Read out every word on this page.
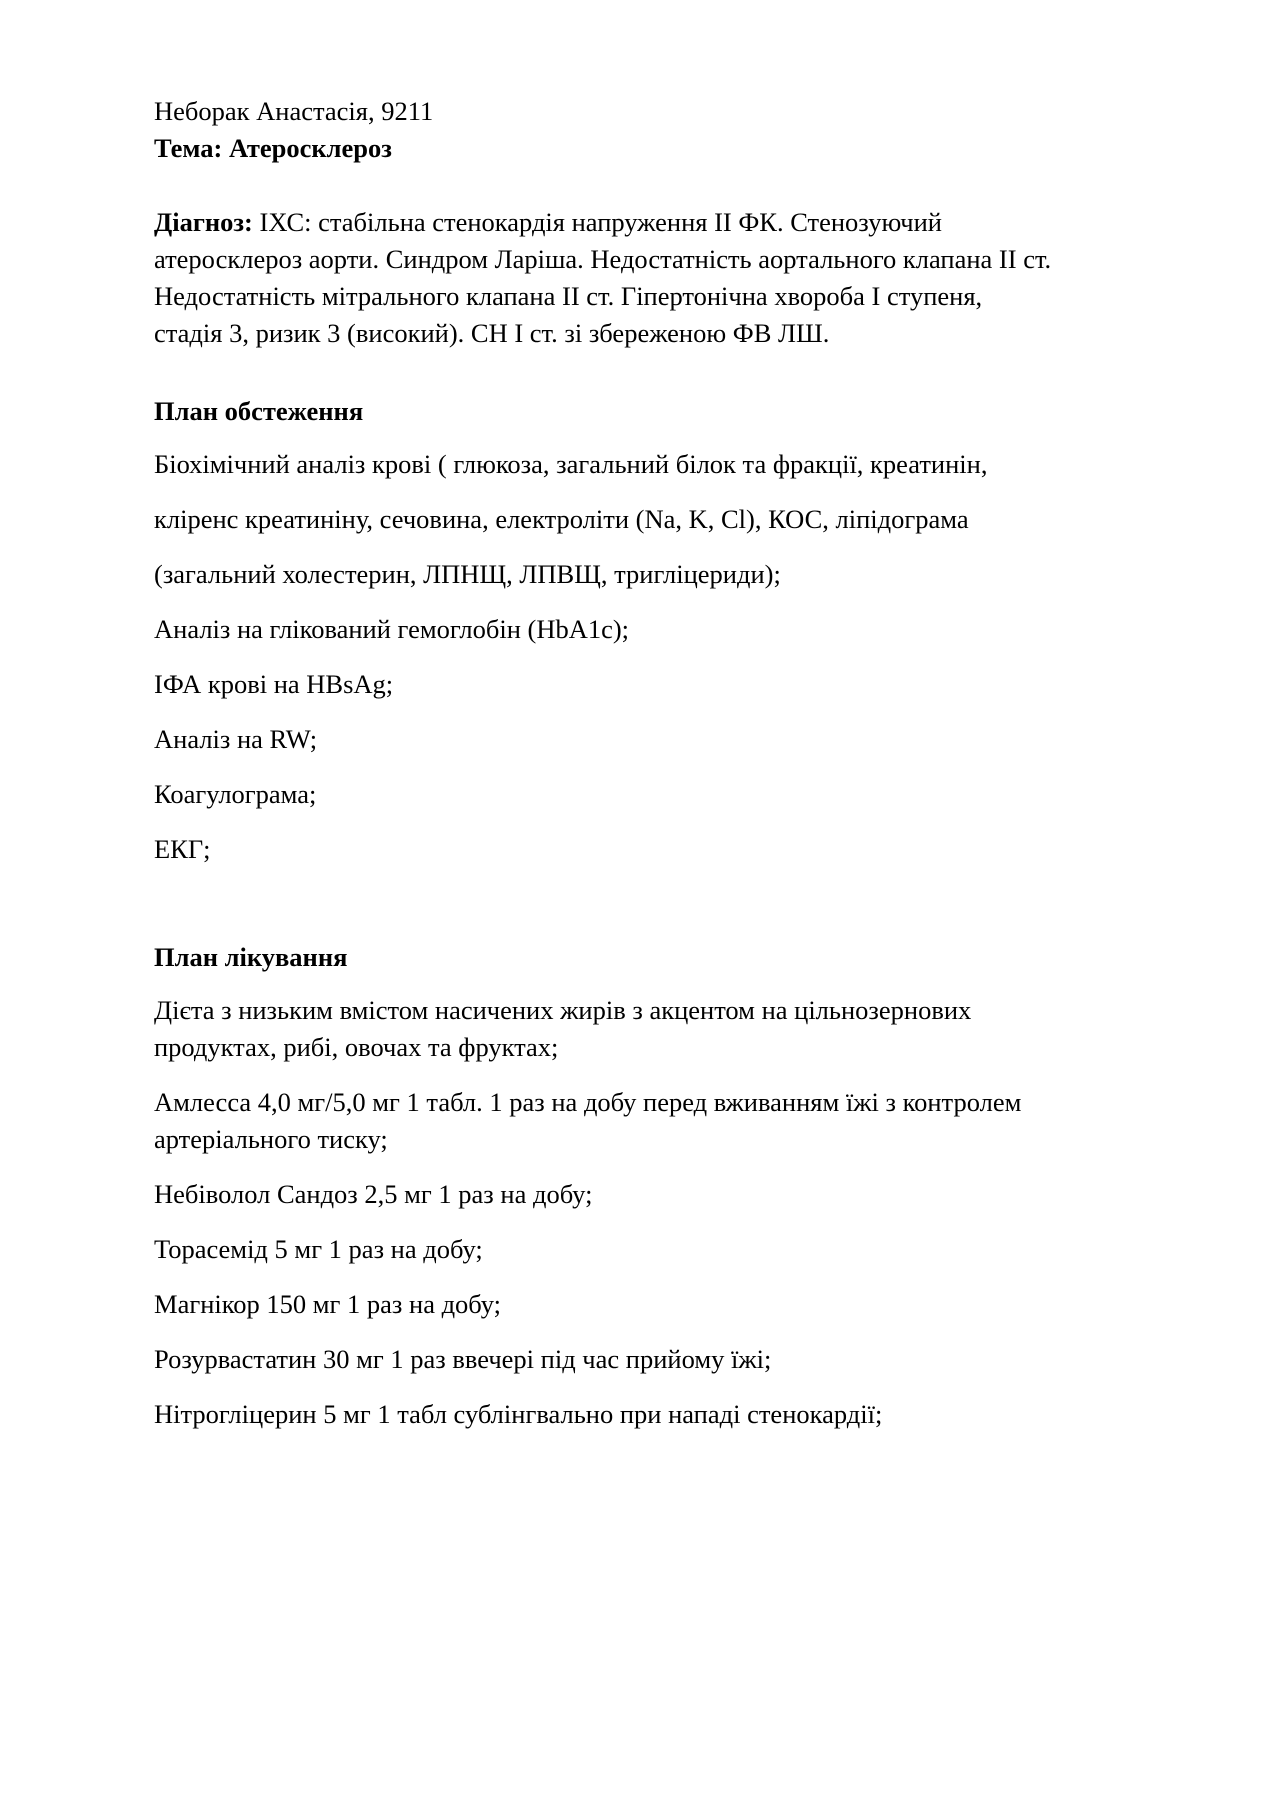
Неборак Анастасія, 9211
Тема: Атеросклероз
Діагноз: ІХС: стабільна стенокардія напруження ІІ ФК. Стенозуючий
атеросклероз аорти. Синдром Ларіша. Недостатність аортального клапана ІІ ст.
Недостатність мітрального клапана ІІ ст. Гіпертонічна хвороба І ступеня,
стадія 3, ризик 3 (високий). СН І ст. зі збереженою ФВ ЛШ.
План обстеження
Біохімічний аналіз крові ( глюкоза, загальний білок та фракції, креатинін,
кліренс креатиніну, сечовина, електроліти (Na, K, Cl), КОС, ліпідограма
(загальний холестерин, ЛПНЩ, ЛПВЩ, тригліцериди);
Аналіз на глікований гемоглобін (HbA1c);
ІФА крові на HBsAg;
Аналіз на RW;
Коагулограма;
ЕКГ;
План лікування
Дієта з низьким вмістом насичених жирів з акцентом на цільнозернових
продуктах, рибі, овочах та фруктах;
Амлесса 4,0 мг/5,0 мг 1 табл. 1 раз на добу перед вживанням їжі з контролем
артеріального тиску;
Небіволол Сандоз 2,5 мг 1 раз на добу;
Торасемід 5 мг 1 раз на добу;
Магнікор 150 мг 1 раз на добу;
Розурвастатин 30 мг 1 раз ввечері під час прийому їжі;
Нітрогліцерин 5 мг 1 табл сублінгвально при нападі стенокардії;
